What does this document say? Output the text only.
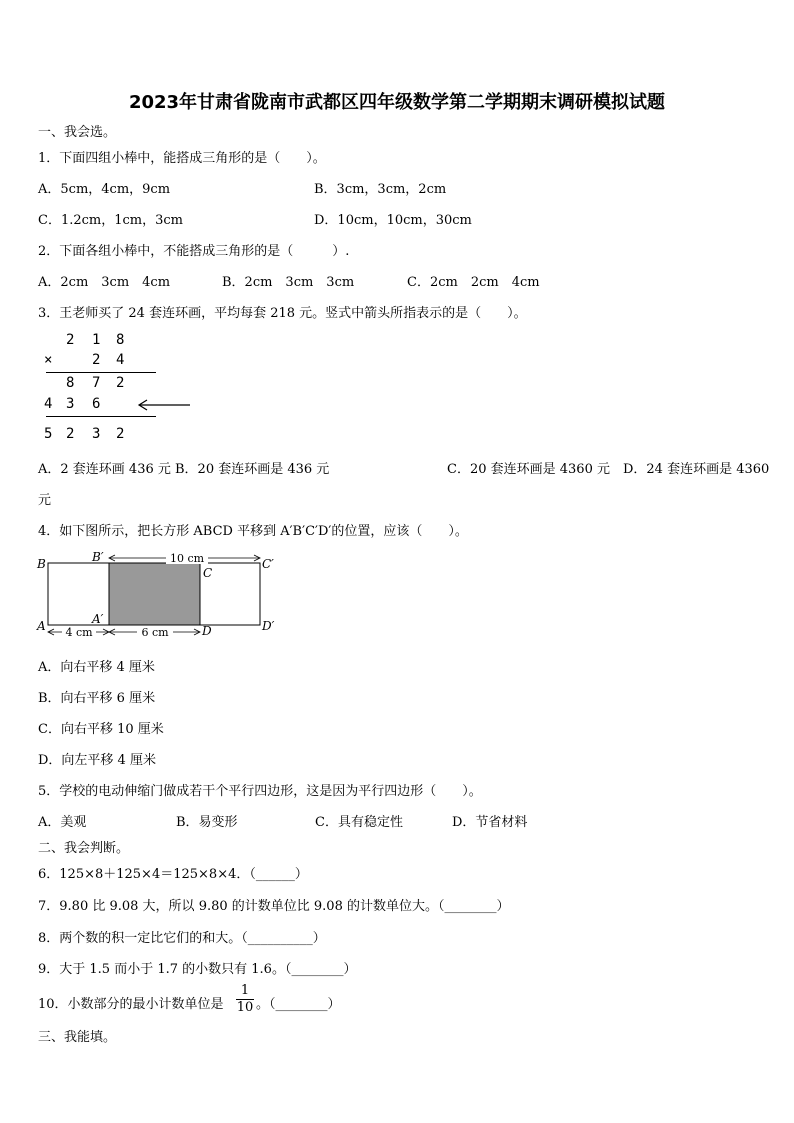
2023年甘肃省陇南市武都区四年级数学第二学期期末调研模拟试题
一、我会选。
1．下面四组小棒中，能搭成三角形的是（　　）。
A．5cm，4cm，9cm	B．3cm，3cm，2cm
C．1.2cm，1cm，3cm	D．10cm，10cm，30cm
2．下面各组小棒中，不能搭成三角形的是（　　　）.
A．2cm　3cm　4cm	B．2cm　3cm　3cm	C．2cm　2cm　4cm
3．王老师买了 24 套连环画，平均每套 218 元。竖式中箭头所指表示的是（　　）。
2 1 8
×	2 4
8 7 2
4 3 6
5 2 3 2
A．2 套连环画 436 元 B．20 套连环画是 436 元	C．20 套连环画是 4360 元　D．24 套连环画是 4360
元
4．如下图所示，把长方形 ABCD 平移到 A′B′C′D′的位置，应该（　　）。
10 cm
4 cm	6 cm
B	B′
C
C′
A	A′
D	D′
A．向右平移 4 厘米
B．向右平移 6 厘米
C．向右平移 10 厘米
D．向左平移 4 厘米
5．学校的电动伸缩门做成若干个平行四边形，这是因为平行四边形（　　）。
A．美观	B．易变形	C．具有稳定性	D．节省材料
二、我会判断。
6．125×8＋125×4＝125×8×4．（______）
7．9.80 比 9.08 大，所以 9.80 的计数单位比 9.08 的计数单位大。（________）
8．两个数的积一定比它们的和大。（__________）
9．大于 1.5 而小于 1.7 的小数只有 1.6。（________）
10．小数部分的最小计数单位是
1
10 。（________）
三、我能填。
